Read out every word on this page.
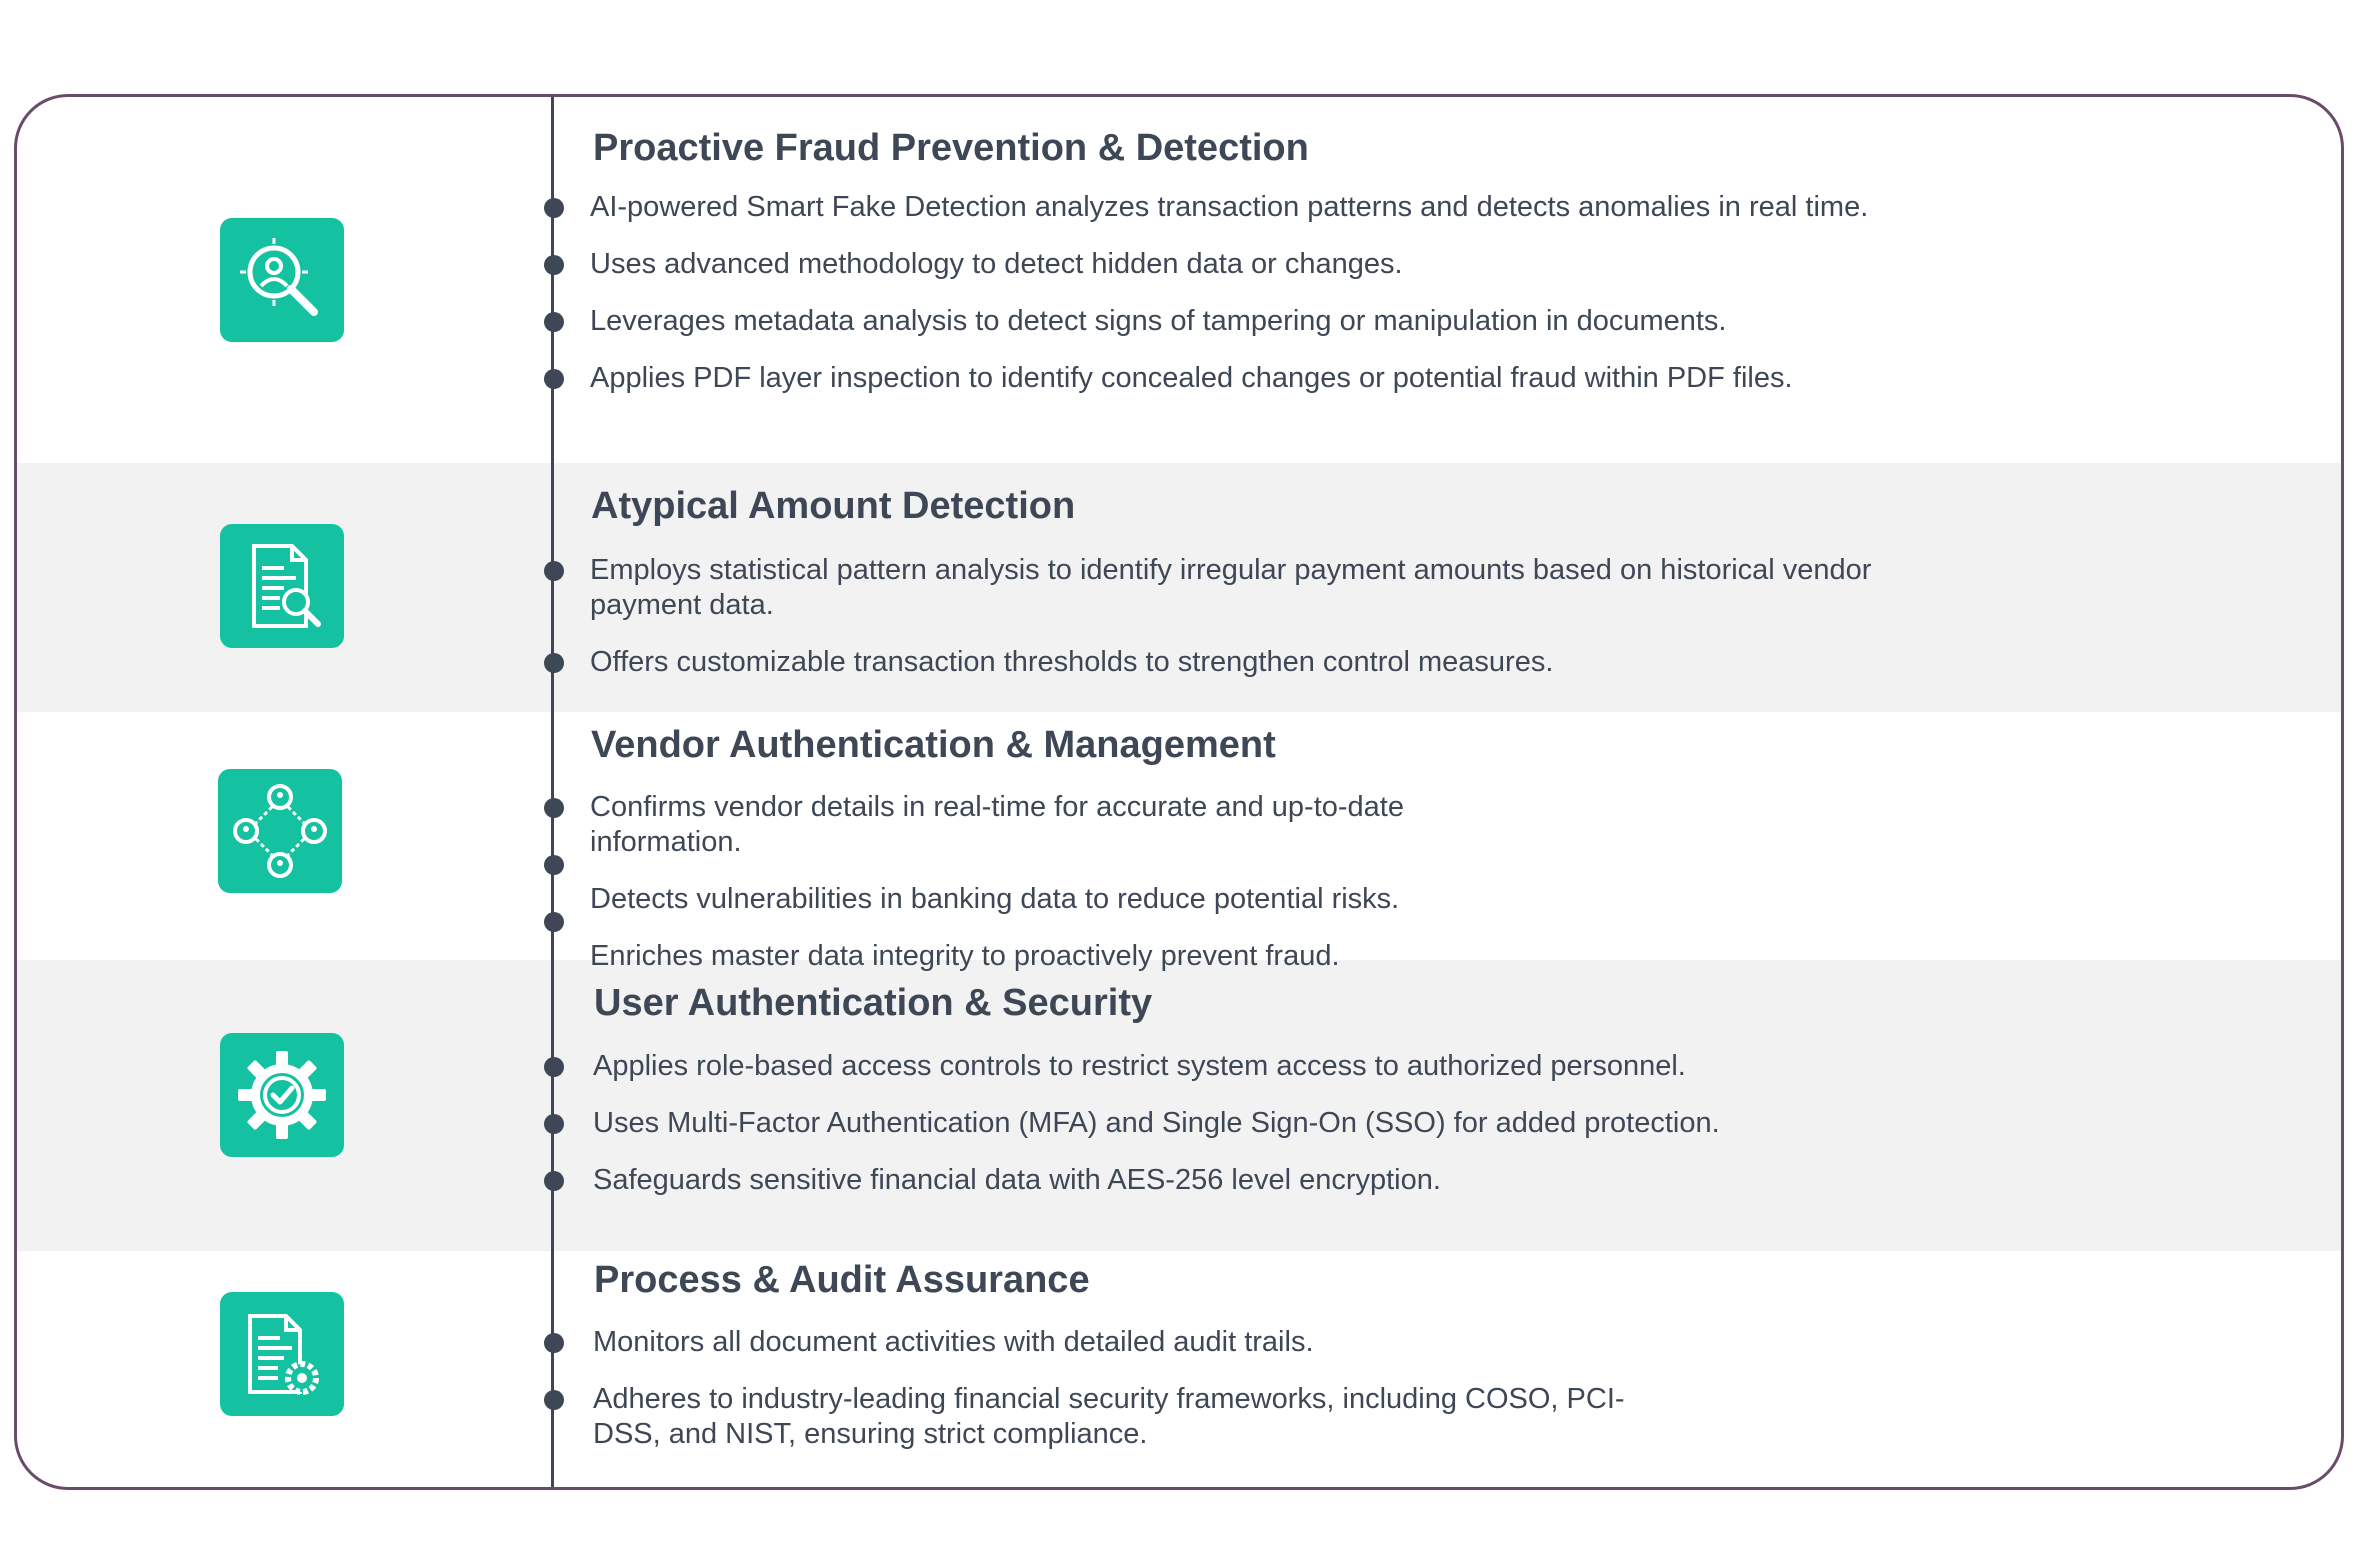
Proactive Fraud Prevention & Detection
AI-powered Smart Fake Detection analyzes transaction patterns and detects anomalies in real time.
Uses advanced methodology to detect hidden data or changes.
Leverages metadata analysis to detect signs of tampering or manipulation in documents.
Applies PDF layer inspection to identify concealed changes or potential fraud within PDF files.
Atypical Amount Detection
Employs statistical pattern analysis to identify irregular payment amounts based on historical vendor payment data.
Offers customizable transaction thresholds to strengthen control measures.
Vendor Authentication & Management
Confirms vendor details in real-time for accurate and up-to-date information.
Detects vulnerabilities in banking data to reduce potential risks.
Enriches master data integrity to proactively prevent fraud.
User Authentication & Security
Applies role-based access controls to restrict system access to authorized personnel.
Uses Multi-Factor Authentication (MFA) and Single Sign-On (SSO) for added protection.
Safeguards sensitive financial data with AES-256 level encryption.
Process & Audit Assurance
Monitors all document activities with detailed audit trails.
Adheres to industry-leading financial security frameworks, including COSO, PCI-DSS, and NIST, ensuring strict compliance.
